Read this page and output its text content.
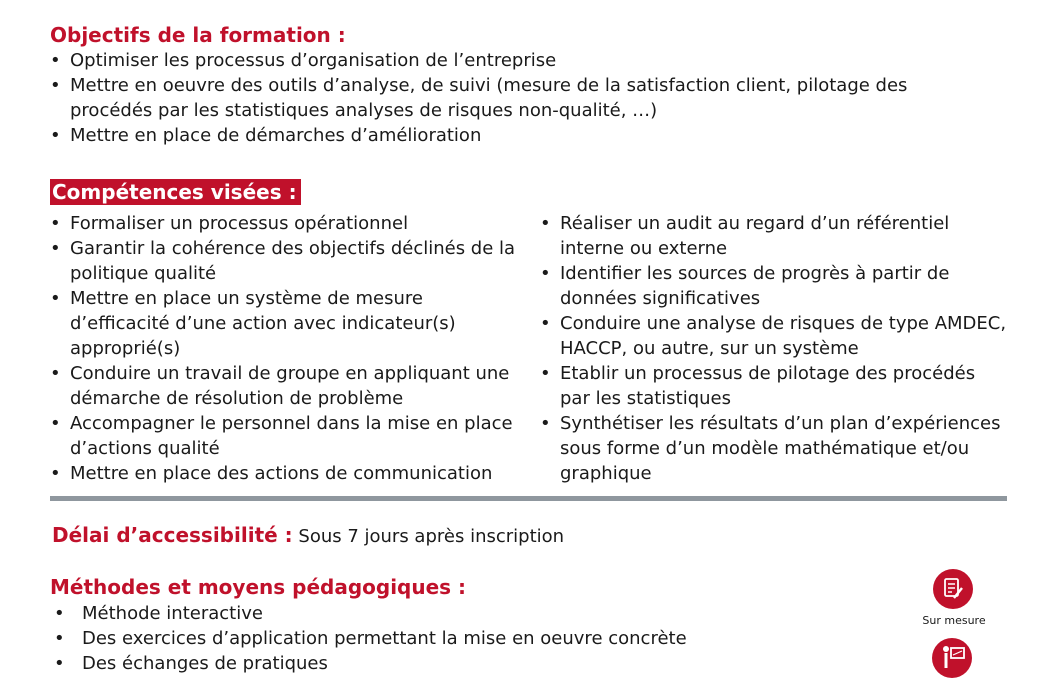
Objectifs de la formation :
• Optimiser les processus d’organisation de l’entreprise
• Mettre en oeuvre des outils d’analyse, de suivi (mesure de la satisfaction client, pilotage des procédés par les statistiques analyses de risques non-qualité, …)
• Mettre en place de démarches d’amélioration
Compétences visées :
• Formaliser un processus opérationnel
• Garantir la cohérence des objectifs déclinés de la politique qualité
• Mettre en place un système de mesure d’efficacité d’une action avec indicateur(s) approprié(s)
• Conduire un travail de groupe en appliquant une démarche de résolution de problème
• Accompagner le personnel dans la mise en place d’actions qualité
• Mettre en place des actions de communication
• Réaliser un audit au regard d’un référentiel interne ou externe
• Identifier les sources de progrès à partir de données significatives
• Conduire une analyse de risques de type AMDEC, HACCP, ou autre, sur un système
• Etablir un processus de pilotage des procédés par les statistiques
• Synthétiser les résultats d’un plan d’expériences sous forme d’un modèle mathématique et/ou graphique
Délai d’accessibilité : Sous 7 jours après inscription
Méthodes et moyens pédagogiques :
• Méthode interactive
• Des exercices d’application permettant la mise en oeuvre concrète
• Des échanges de pratiques
Sur mesure
